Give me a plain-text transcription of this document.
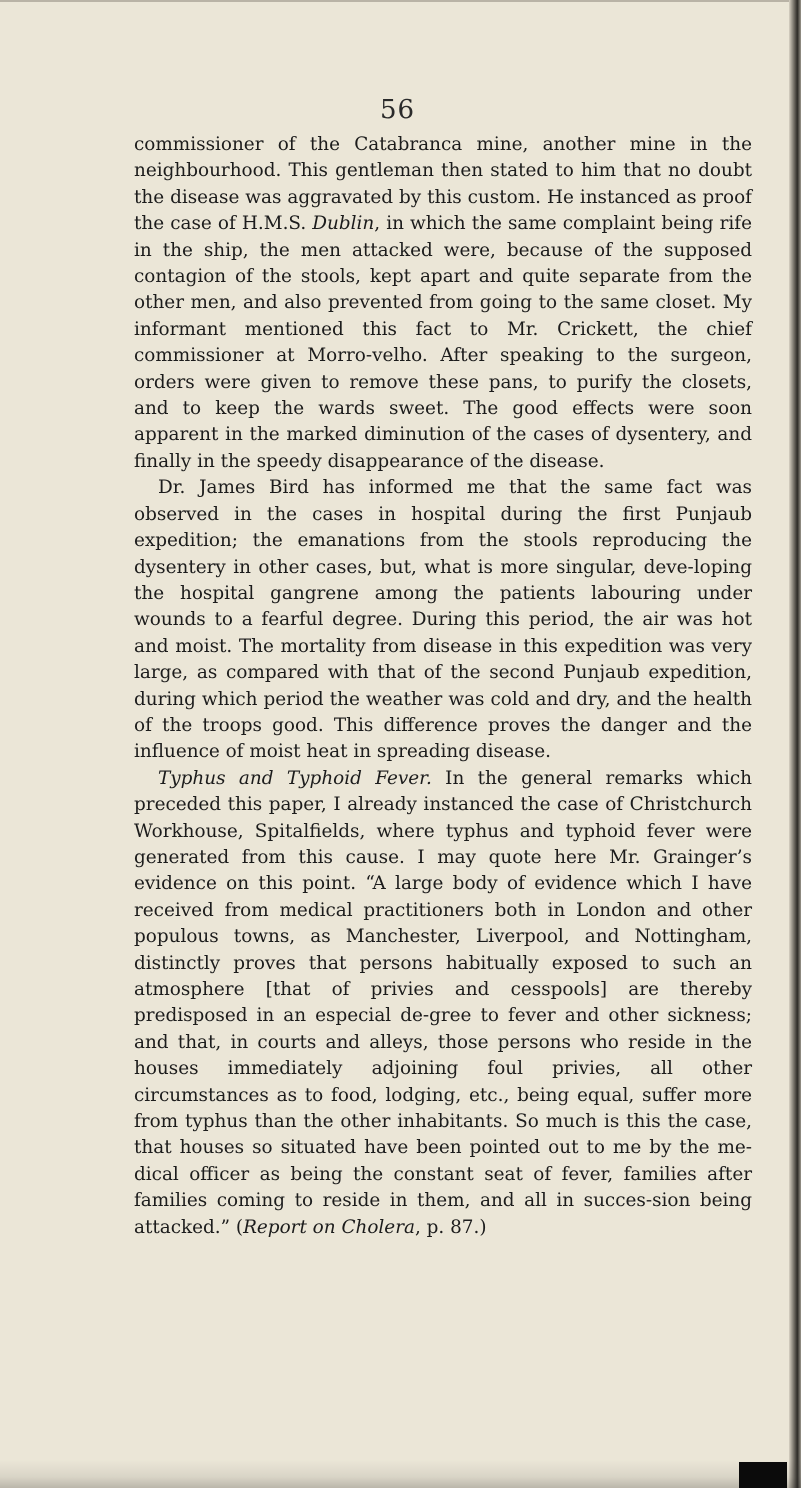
56

commissioner of the Catabranca mine, another mine in the neighbourhood. This gentleman then stated to him that no doubt the disease was aggravated by this custom. He instanced as proof the case of H.M.S. Dublin, in which the same complaint being rife in the ship, the men attacked were, because of the supposed contagion of the stools, kept apart and quite separate from the other men, and also prevented from going to the same closet. My informant mentioned this fact to Mr. Crickett, the chief commissioner at Morro-velho. After speaking to the surgeon, orders were given to remove these pans, to purify the closets, and to keep the wards sweet. The good effects were soon apparent in the marked diminution of the cases of dysentery, and finally in the speedy disappearance of the disease.

Dr. James Bird has informed me that the same fact was observed in the cases in hospital during the first Punjaub expedition; the emanations from the stools reproducing the dysentery in other cases, but, what is more singular, deve-loping the hospital gangrene among the patients labouring under wounds to a fearful degree. During this period, the air was hot and moist. The mortality from disease in this expedition was very large, as compared with that of the second Punjaub expedition, during which period the weather was cold and dry, and the health of the troops good. This difference proves the danger and the influence of moist heat in spreading disease.

Typhus and Typhoid Fever. In the general remarks which preceded this paper, I already instanced the case of Christchurch Workhouse, Spitalfields, where typhus and typhoid fever were generated from this cause. I may quote here Mr. Grainger’s evidence on this point. “A large body of evidence which I have received from medical practitioners both in London and other populous towns, as Manchester, Liverpool, and Nottingham, distinctly proves that persons habitually exposed to such an atmosphere [that of privies and cesspools] are thereby predisposed in an especial de-gree to fever and other sickness; and that, in courts and alleys, those persons who reside in the houses immediately adjoining foul privies, all other circumstances as to food, lodging, etc., being equal, suffer more from typhus than the other inhabitants. So much is this the case, that houses so situated have been pointed out to me by the me-dical officer as being the constant seat of fever, families after families coming to reside in them, and all in succes-sion being attacked.” (Report on Cholera, p. 87.)
